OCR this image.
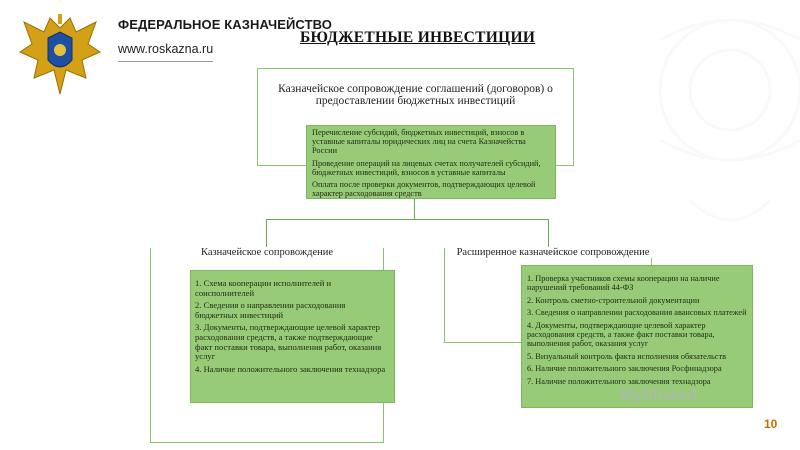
ФЕДЕРАЛЬНОЕ КАЗНАЧЕЙСТВО
www.roskazna.ru
БЮДЖЕТНЫЕ ИНВЕСТИЦИИ
Казначейское сопровождение соглашений (договоров) о предоставлении бюджетных инвестиций

Перечисление субсидий, бюджетных инвестиций, взносов в уставные капиталы юридических лиц на счета Казначейства России

Проведение операций на лицевых счетах получателей субсидий, бюджетных инвестиций, взносов в уставные капиталы

Оплата после проверки документов, подтверждающих целевой характер расходования средств

Казначейское сопровождение

1. Схема кооперации исполнителей и соисполнителей

2. Сведения о направлении расходования бюджетных инвестиций

3. Документы, подтверждающие целевой характер расходования средств, а также подтверждающие факт поставки товара, выполнения работ, оказания услуг

4. Наличие положительного заключения технадзора

Расширенное казначейское сопровождение

1. Проверка участников схемы кооперации на наличие нарушений требований 44-ФЗ

2. Контроль сметно-строительной документации

3. Сведения о направлении расходования авансовых платежей

4. Документы, подтверждающие целевой характер расходования средств, а также факт поставки товара, выполнения работ, оказания услуг

5. Визуальный контроль факта исполнения обязательств

6. Наличие положительного заключения Росфинадзора

7. Наличие положительного заключения технадзора

MyShared
10
